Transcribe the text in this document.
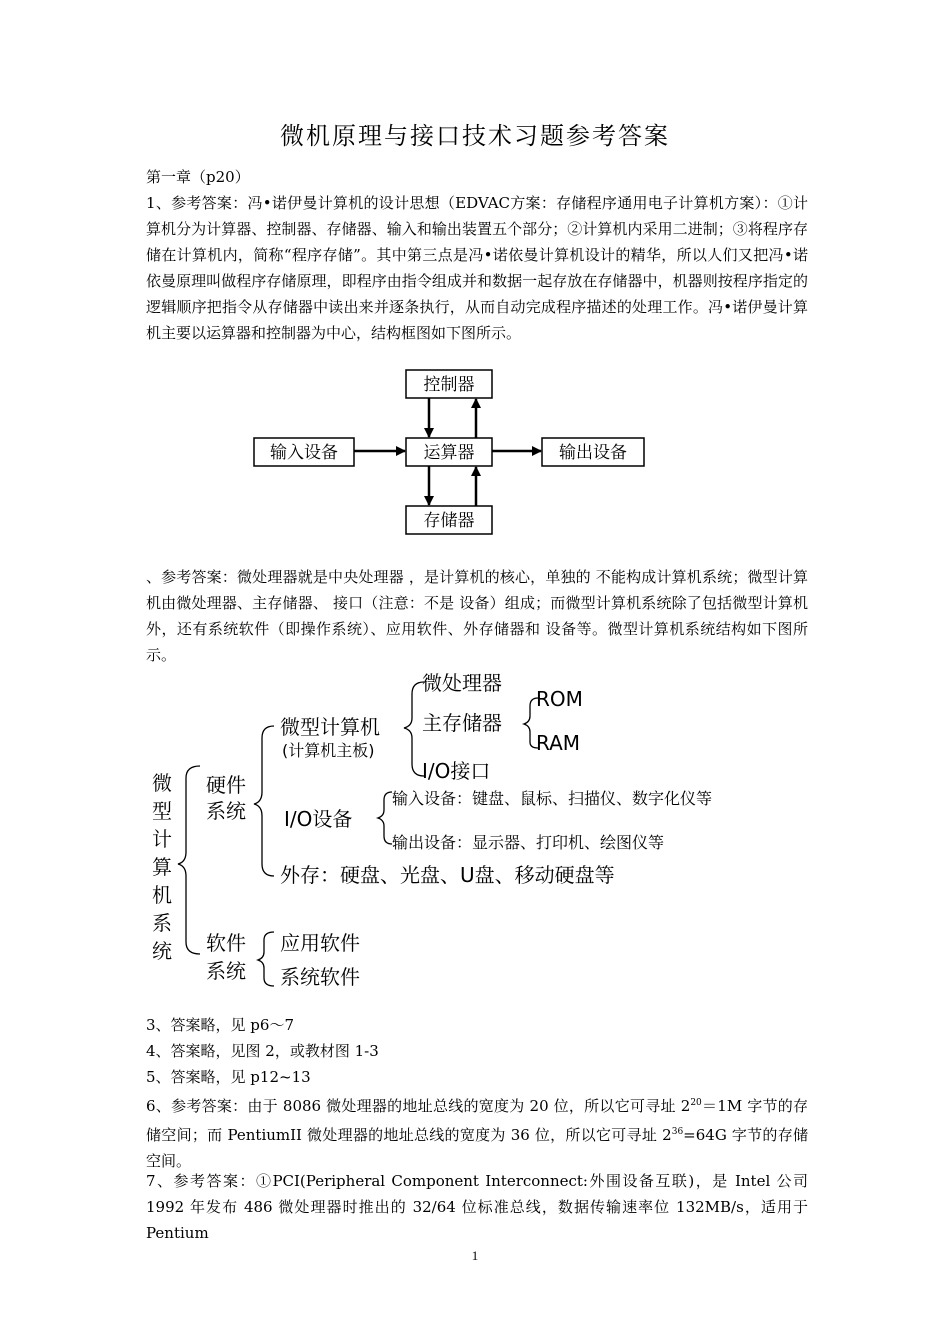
微机原理与接口技术习题参考答案
第一章（p20）

1、参考答案：冯•诺伊曼计算机的设计思想（EDVAC方案：存储程序通用电子计算机方案）：①计算机分为计算器、控制器、存储器、输入和输出装置五个部分；②计算机内采用二进制；③将程序存储在计算机内，简称“程序存储”。其中第三点是冯•诺依曼计算机设计的精华，所以人们又把冯•诺依曼原理叫做程序存储原理，即程序由指令组成并和数据一起存放在存储器中，机器则按程序指定的逻辑顺序把指令从存储器中读出来并逐条执行，从而自动完成程序描述的处理工作。冯•诺伊曼计算机主要以运算器和控制器为中心，结构框图如下图所示。

控制器
运算器
输入设备	输出设备
存储器

、参考答案：微处理器就是中央处理器 ，是计算机的核心，单独的 不能构成计算机系统；微型计算机由微处理器、主存储器、 接口（注意：不是 设备）组成；而微型计算机系统除了包括微型计算机外，还有系统软件（即操作系统）、应用软件、外存储器和 设备等。微型计算机系统结构如下图所示。

微
型
计
算
机
系
统
硬件
系统
软件
系统
微型计算机
微处理器
主存储器
ROM
RAM
I/O接口
I/O设备
外存：硬盘、光盘、U盘、移动硬盘等
应用软件
系统软件
(计算机主板)
输入设备：键盘、鼠标、扫描仪、数字化仪等
输出设备：显示器、打印机、绘图仪等
3、答案略，见 p6～7
4、答案略，见图 2，或教材图 1-3
5、答案略，见 p12~13

6、参考答案：由于 8086 微处理器的地址总线的宽度为 20 位，所以它可寻址 $2^{20}=1M$ 字节的存储空间；而 PentiumII 微处理器的地址总线的宽度为 36 位，所以它可寻址 $2^{36}=64G$ 字节的存储空间。

7、参考答案：①PCI(Peripheral Component Interconnect:外围设备互联)，是 Intel 公司 1992 年发布 486 微处理器时推出的 32/64 位标准总线，数据传输速率位 132MB/s，适用于 Pentium

1
